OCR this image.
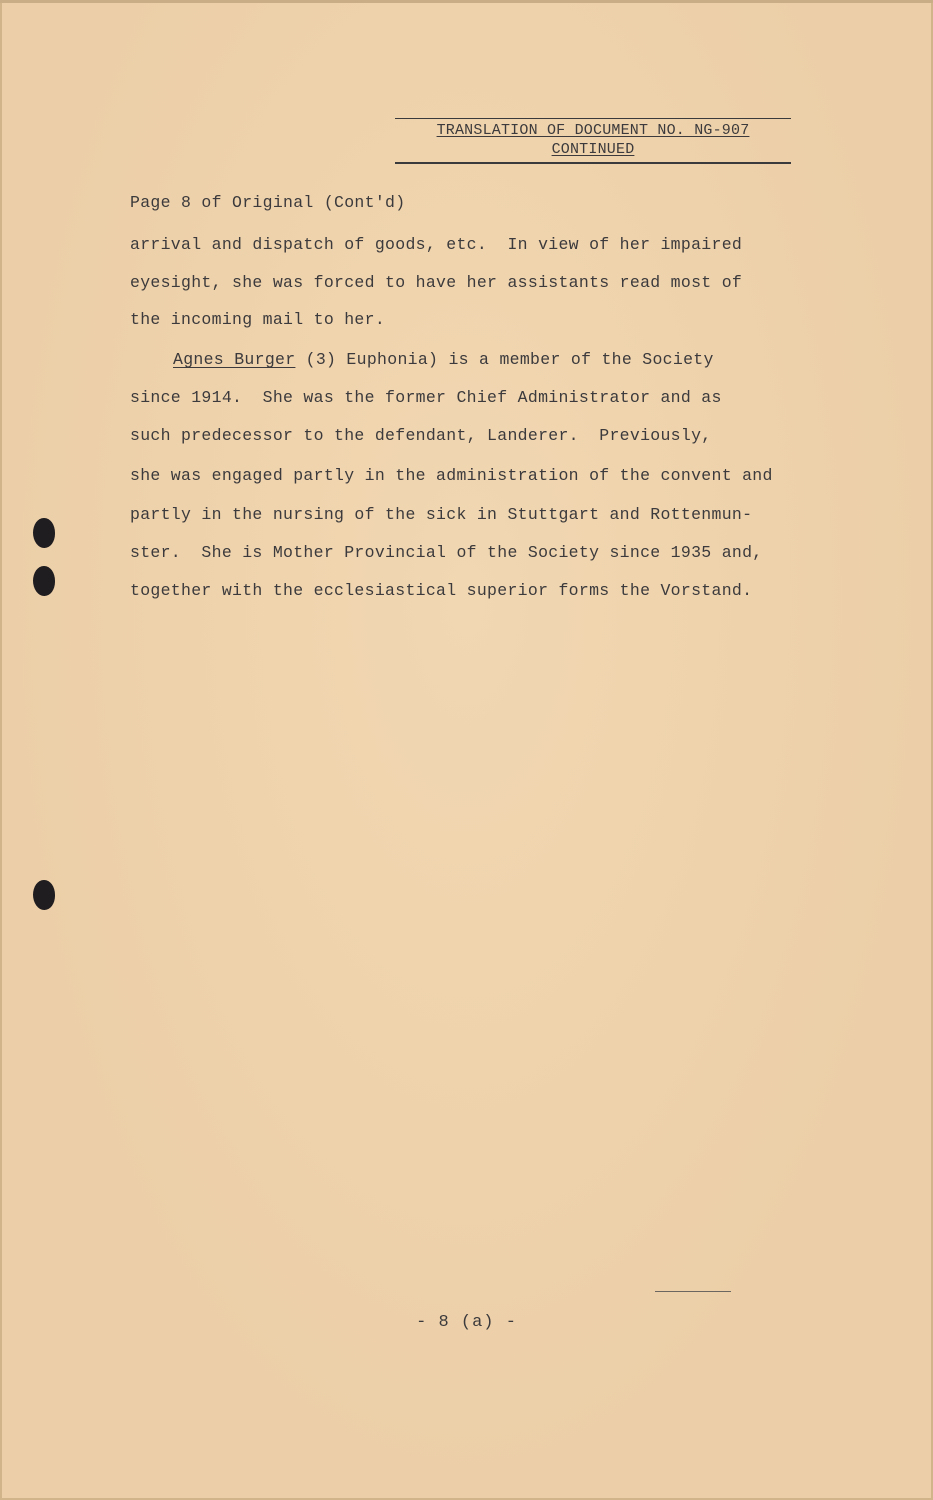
TRANSLATION OF DOCUMENT NO. NG-907
CONTINUED
Page 8 of Original (Cont'd)
arrival and dispatch of goods, etc.  In view of her impaired
eyesight, she was forced to have her assistants read most of
the incoming mail to her.
Agnes Burger (3) Euphonia) is a member of the Society
since 1914.  She was the former Chief Administrator and as
such predecessor to the defendant, Landerer.  Previously,
she was engaged partly in the administration of the convent and
partly in the nursing of the sick in Stuttgart and Rottenmun-
ster.  She is Mother Provincial of the Society since 1935 and,
together with the ecclesiastical superior forms the Vorstand.
- 8 (a) -
